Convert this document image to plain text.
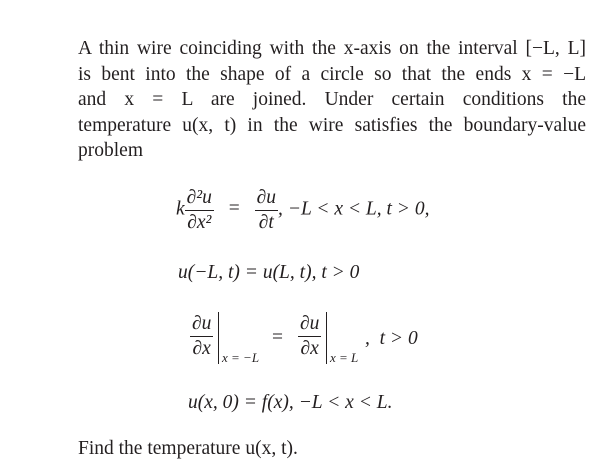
A thin wire coinciding with the x-axis on the interval [−L, L]
is bent into the shape of a circle so that the ends x = −L
and x = L are joined. Under certain conditions the
temperature u(x, t) in the wire satisfies the boundary-value
problem
k $\frac{\text{∂²u}}{\text{∂x²}} = \frac{\partial u}{\partial t}$ , −L < x < L, t > 0,
u(−L, t) = u(L, t), t > 0
$\frac{\partial u}{\partial x}$ x = −L
= $\frac{\partial u}{\partial x}$ x = L
,  t > 0
u(x, 0) = f(x), −L < x < L.
Find the temperature u(x, t).
